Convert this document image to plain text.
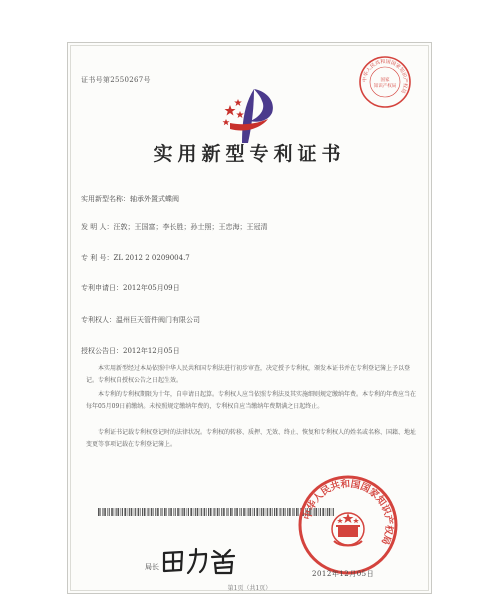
证书号第2550267号	中华人民共和国国家知识产权局
国家
知识产权局
实用新型专利证书
实用新型名称：轴承外置式蝶阀
发 明 人：汪敦；王国富；李长胜；孙士照；王忠海；王冠清
专 利 号：ZL 2012 2 0209004.7
专利申请日：2012年05月09日
专利权人：温州巨天管件阀门有限公司
授权公告日：2012年12月05日
本实用新型经过本局依照中华人民共和国专利法进行初步审查，决定授予专利权，颁发本证书并在专利登记簿上予以登记。专利权自授权公告之日起生效。
本专利的专利权期限为十年，自申请日起算。专利权人应当依照专利法及其实施细则规定缴纳年费。本专利的年费应当在每年05月09日前缴纳。未按照规定缴纳年费的，专利权自应当缴纳年费期满之日起终止。
专利证书记载专利权登记时的法律状况。专利权的转移、质押、无效、终止、恢复和专利权人的姓名或名称、国籍、地址变更等事项记载在专利登记簿上。
局长
中华人民共和国国家知识产权局
2012年12月05日
第1页（共1页）
